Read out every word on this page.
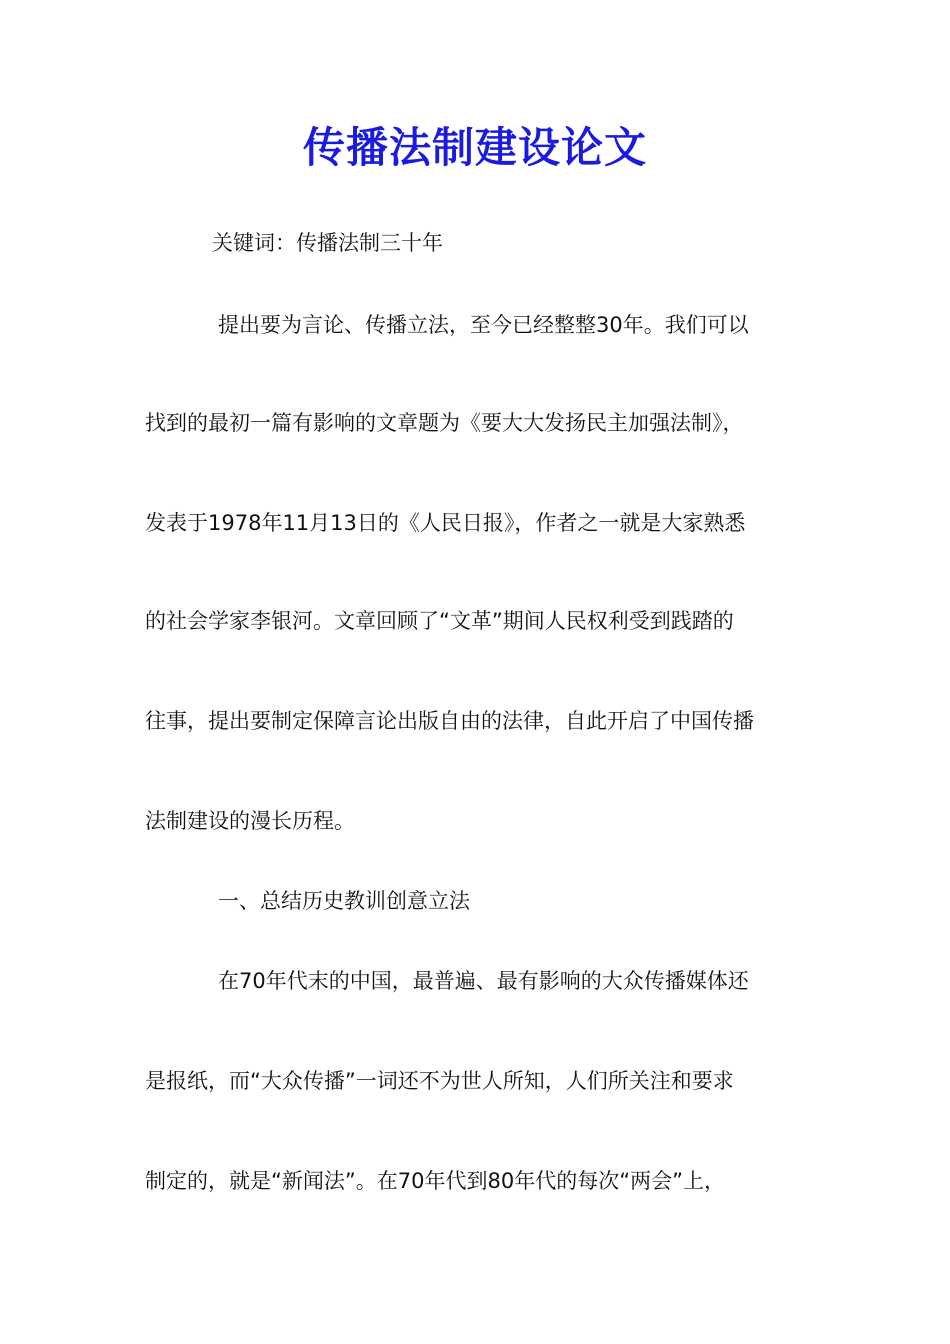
传播法制建设论文
关键词：传播法制三十年
提出要为言论、传播立法，至今已经整整30年。我们可以
找到的最初一篇有影响的文章题为《要大大发扬民主加强法制》，
发表于1978年11月13日的《人民日报》，作者之一就是大家熟悉
的社会学家李银河。文章回顾了“文革”期间人民权利受到践踏的
往事，提出要制定保障言论出版自由的法律，自此开启了中国传播
法制建设的漫长历程。
一、总结历史教训创意立法
在70年代末的中国，最普遍、最有影响的大众传播媒体还
是报纸，而“大众传播”一词还不为世人所知，人们所关注和要求
制定的，就是“新闻法”。在70年代到80年代的每次“两会”上，
